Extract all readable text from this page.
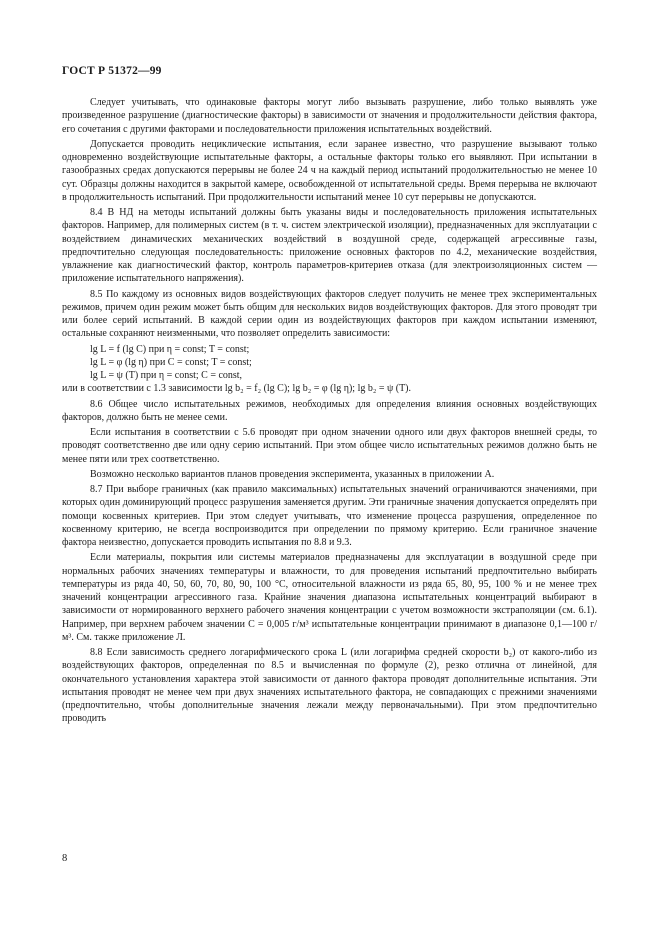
ГОСТ Р 51372—99

Следует учитывать, что одинаковые факторы могут либо вызывать разрушение, либо только выявлять уже произведенное разрушение (диагностические факторы) в зависимости от значения и продолжительности действия фактора, его сочетания с другими факторами и последовательности приложения испытательных воздействий.

Допускается проводить нециклические испытания, если заранее известно, что разрушение вызывают только одновременно воздействующие испытательные факторы, а остальные факторы только его выявляют. При испытании в газообразных средах допускаются перерывы не более 24 ч на каждый период испытаний продолжительностью не менее 10 сут. Образцы должны находится в закрытой камере, освобожденной от испытательной среды. Время перерыва не включают в продолжительность испытаний. При продолжительности испытаний менее 10 сут перерывы не допускаются.

8.4 В НД на методы испытаний должны быть указаны виды и последовательность приложения испытательных факторов. Например, для полимерных систем (в т. ч. систем электрической изоляции), предназначенных для эксплуатации с воздействием динамических механических воздействий в воздушной среде, содержащей агрессивные газы, предпочтительно следующая последовательность: приложение основных факторов по 4.2, механические воздействия, увлажнение как диагностический фактор, контроль параметров-критериев отказа (для электроизоляционных систем — приложение испытательного напряжения).

8.5 По каждому из основных видов воздействующих факторов следует получить не менее трех экспериментальных режимов, причем один режим может быть общим для нескольких видов воздействующих факторов. Для этого проводят три или более серий испытаний. В каждой серии один из воздействующих факторов при каждом испытании изменяют, остальные сохраняют неизменными, что позволяет определить зависимости:

lg L = f (lg C) при η = const; T = const;

lg L = φ (lg η) при C = const; T = const;

lg L = ψ (T) при η = const; C = const,

или в соответствии с 1.3 зависимости lg b₂ = f₂ (lg C); lg b₂ = φ (lg η); lg b₂ = ψ (T).

8.6 Общее число испытательных режимов, необходимых для определения влияния основных воздействующих факторов, должно быть не менее семи.

Если испытания в соответствии с 5.6 проводят при одном значении одного или двух факторов внешней среды, то проводят соответственно две или одну серию испытаний. При этом общее число испытательных режимов должно быть не менее пяти или трех соответственно.

Возможно несколько вариантов планов проведения эксперимента, указанных в приложении А.

8.7 При выборе граничных (как правило максимальных) испытательных значений ограничиваются значениями, при которых один доминирующий процесс разрушения заменяется другим. Эти граничные значения допускается определять при помощи косвенных критериев. При этом следует учитывать, что изменение процесса разрушения, определенное по косвенному критерию, не всегда воспроизводится при определении по прямому критерию. Если граничное значение фактора неизвестно, допускается проводить испытания по 8.8 и 9.3.

Если материалы, покрытия или системы материалов предназначены для эксплуатации в воздушной среде при нормальных рабочих значениях температуры и влажности, то для проведения испытаний предпочтительно выбирать температуры из ряда 40, 50, 60, 70, 80, 90, 100 °С, относительной влажности из ряда 65, 80, 95, 100 % и не менее трех значений концентрации агрессивного газа. Крайние значения диапазона испытательных концентраций выбирают в зависимости от нормированного верхнего рабочего значения концентрации с учетом возможности экстраполяции (см. 6.1). Например, при верхнем рабочем значении C = 0,005 г/м³ испытательные концентрации принимают в диапазоне 0,1—100 г/м³. См. также приложение Л.

8.8 Если зависимость среднего логарифмического срока L (или логарифма средней скорости b₂) от какого-либо из воздействующих факторов, определенная по 8.5 и вычисленная по формуле (2), резко отлична от линейной, для окончательного установления характера этой зависимости от данного фактора проводят дополнительные испытания. Эти испытания проводят не менее чем при двух значениях испытательного фактора, не совпадающих с прежними значениями (предпочтительно, чтобы дополнительные значения лежали между первоначальными). При этом предпочтительно проводить

8
